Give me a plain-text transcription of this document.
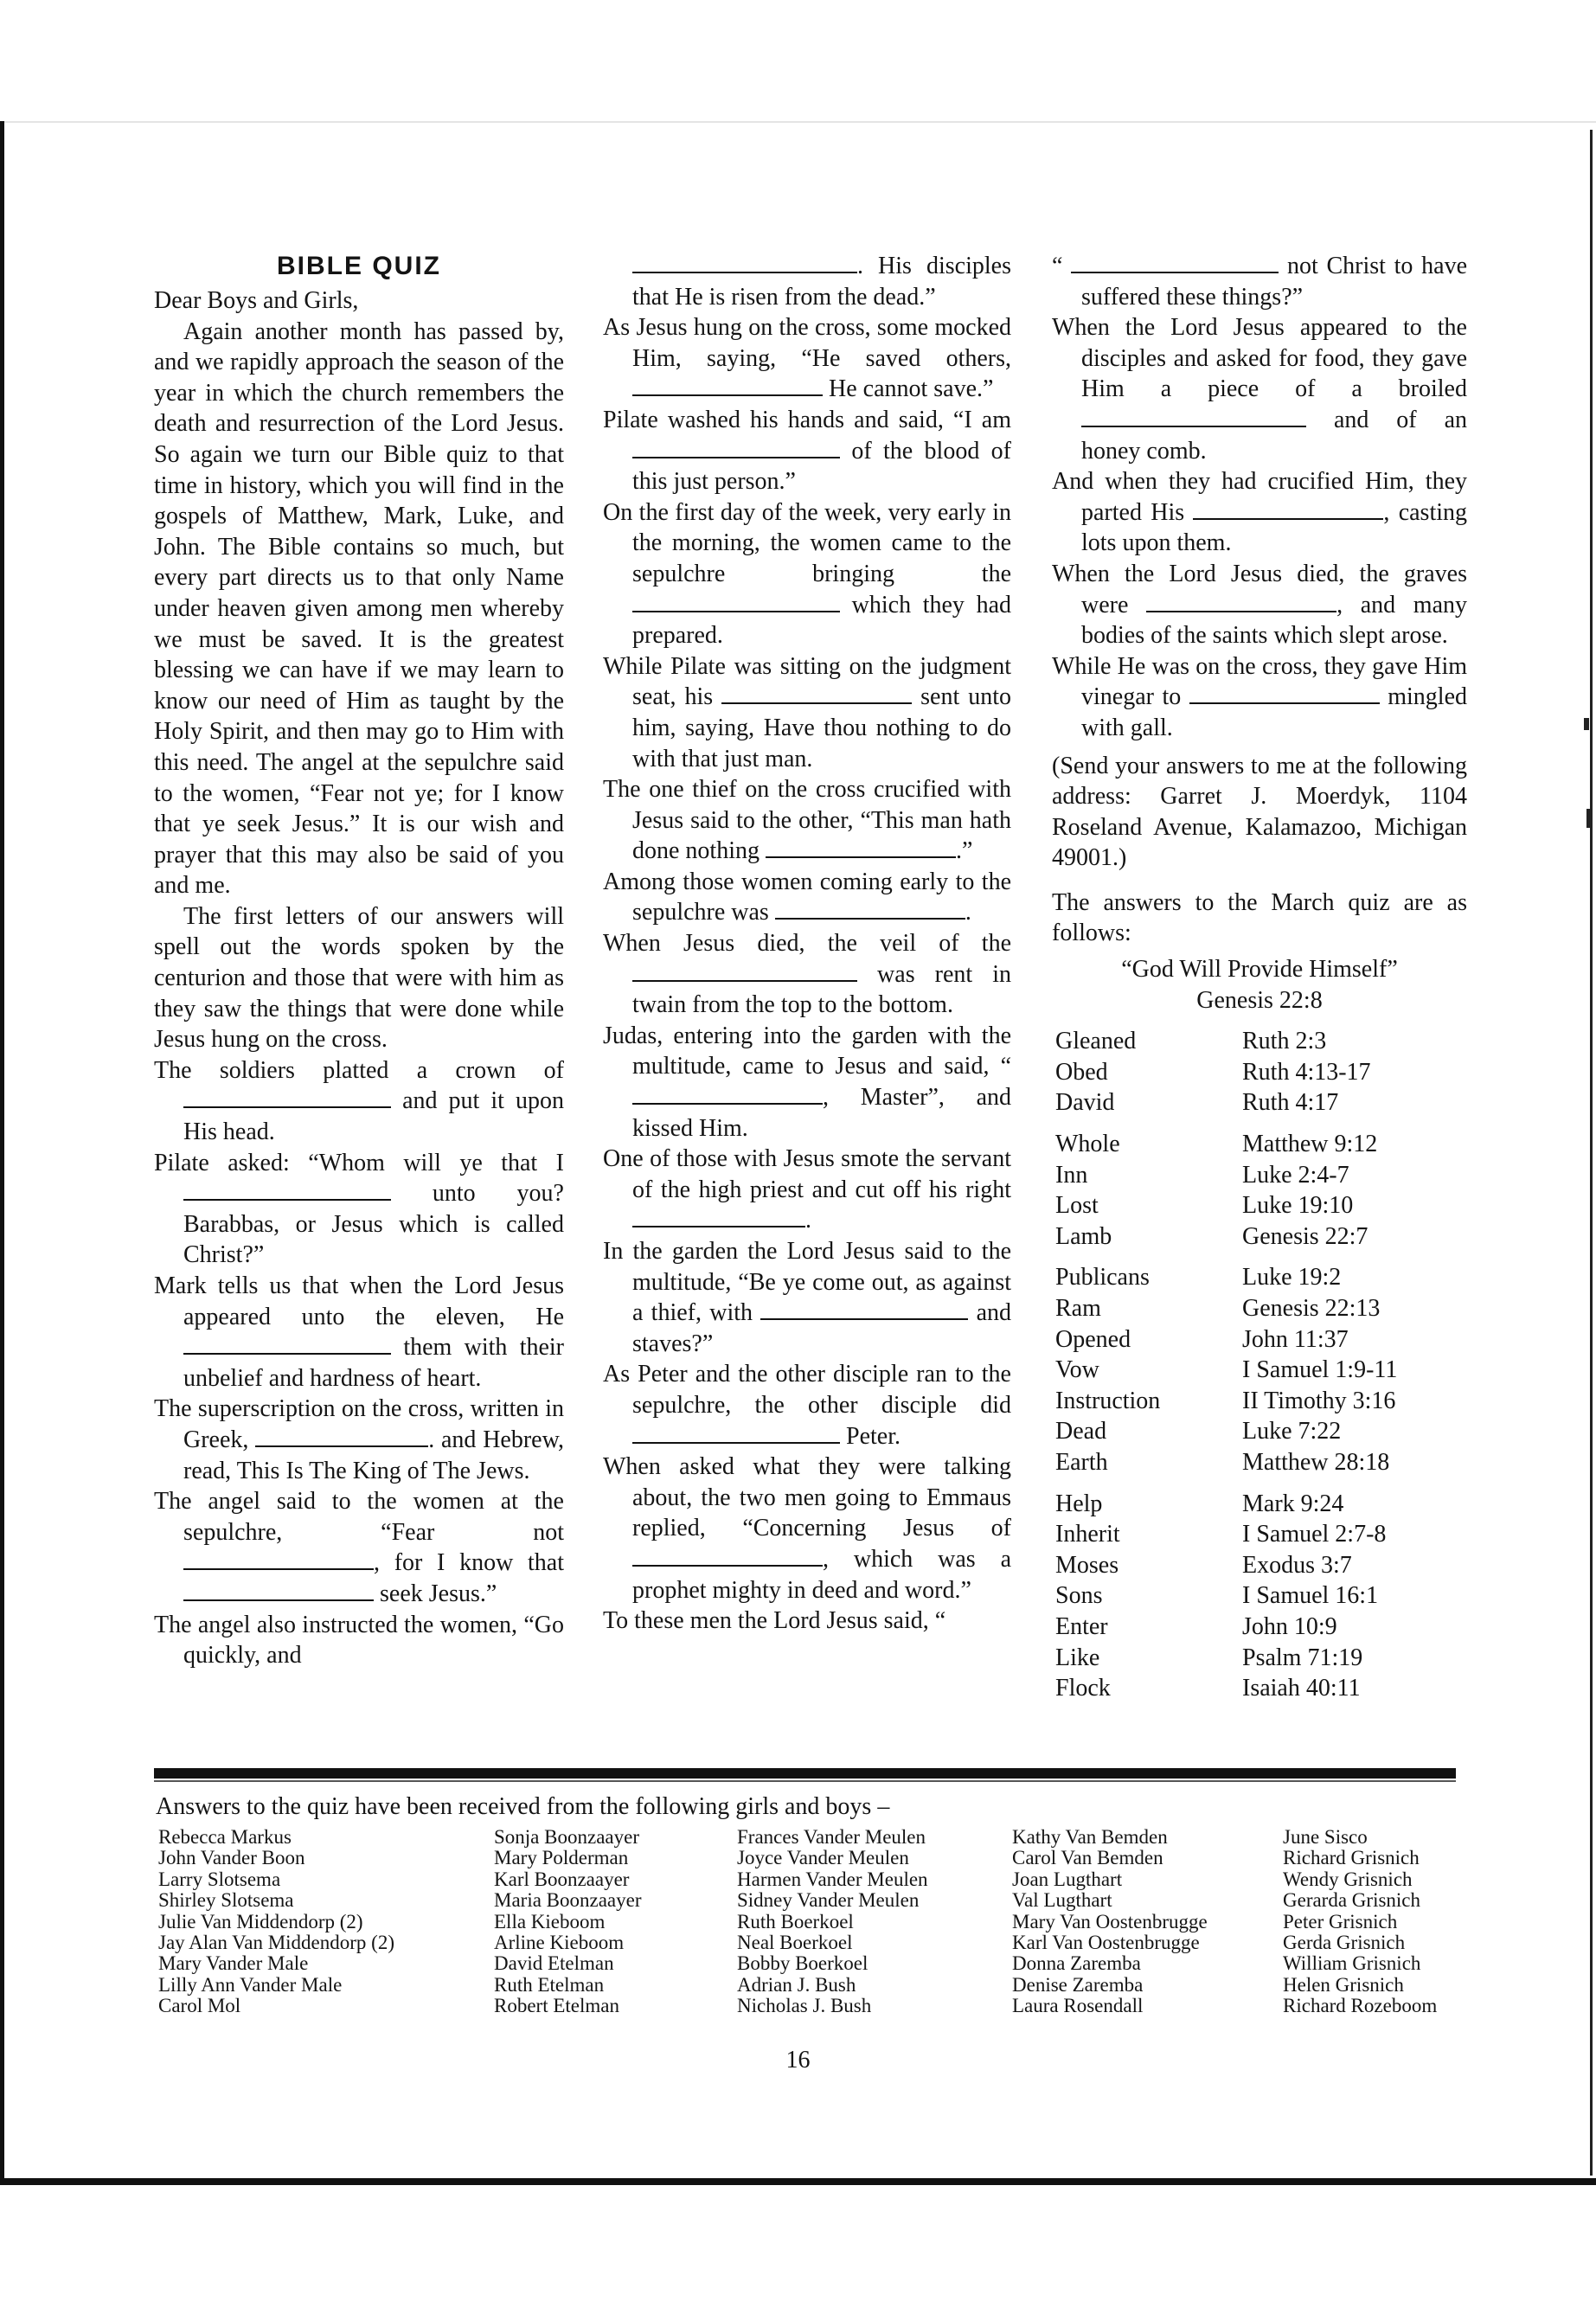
BIBLE QUIZ

Dear Boys and Girls,

Again another month has passed by, and we rapidly approach the season of the year in which the church remembers the death and resurrection of the Lord Jesus. So again we turn our Bible quiz to that time in history, which you will find in the gospels of Matthew, Mark, Luke, and John. The Bible contains so much, but every part directs us to that only Name under heaven given among men whereby we must be saved. It is the greatest blessing we can have if we may learn to know our need of Him as taught by the Holy Spirit, and then may go to Him with this need. The angel at the sepulchre said to the women, “Fear not ye; for I know that ye seek Jesus.” It is our wish and prayer that this may also be said of you and me.

The first letters of our answers will spell out the words spoken by the centurion and those that were with him as they saw the things that were done while Jesus hung on the cross.

The soldiers platted a crown of  and put it upon His head.

Pilate asked: “Whom will ye that I  unto you? Barabbas, or Jesus which is called Christ?”

Mark tells us that when the Lord Jesus appeared unto the eleven, He  them with their unbelief and hardness of heart.

The superscription on the cross, written in Greek,	. and Hebrew, read, This Is The King of The Jews.

The angel said to the women at the sepulchre, “Fear not , for I know that  seek Jesus.”

The angel also instructed the women, “Go quickly, and

. His disciples that He is risen from the dead.”

As Jesus hung on the cross, some mocked Him, saying, “He saved others,  He cannot save.”

Pilate washed his hands and said, “I am  of the blood of this just person.”

On the first day of the week, very early in the morning, the women came to the sepulchre bringing the  which they had prepared.

While Pilate was sitting on the judgment seat, his	sent unto him, saying, Have thou nothing to do with that just man.

The one thief on the cross crucified with Jesus said to the other, “This man hath done nothing	.”

Among those women coming early to the sepulchre was	.

When Jesus died, the veil of the  was rent in twain from the top to the bottom.

Judas, entering into the garden with the multitude, came to Jesus and said, “, Master”, and kissed Him.

One of those with Jesus smote the servant of the high priest and cut off his right .

In the garden the Lord Jesus said to the multitude, “Be ye come out, as against a thief, with	and staves?”

As Peter and the other disciple ran to the sepulchre, the other disciple did  Peter.

When asked what they were talking about, the two men going to Emmaus replied, “Concerning Jesus of , which was a prophet mighty in deed and word.”

To these men the Lord Jesus said, “

“	not Christ to have suffered these things?”

When the Lord Jesus appeared to the disciples and asked for food, they gave Him a piece of a broiled  and of an honey comb.

And when they had crucified Him, they parted His	, casting lots upon them.

When the Lord Jesus died, the graves were	, and many bodies of the saints which slept arose.

While He was on the cross, they gave Him vinegar to	mingled with gall.

(Send your answers to me at the following address: Garret J. Moerdyk, 1104 Roseland Avenue, Kalamazoo, Michigan 49001.)

The answers to the March quiz are as follows:

“God Will Provide Himself”

Genesis 22:8

Gleaned	Ruth 2:3
Obed	Ruth 4:13-17
David	Ruth 4:17
Whole	Matthew 9:12
Inn	Luke 2:4-7
Lost	Luke 19:10
Lamb	Genesis 22:7
Publicans	Luke 19:2
Ram	Genesis 22:13
Opened	John 11:37
Vow	I Samuel 1:9-11
Instruction	II Timothy 3:16
Dead	Luke 7:22
Earth	Matthew 28:18
Help	Mark 9:24
Inherit	I Samuel 2:7-8
Moses	Exodus 3:7
Sons	I Samuel 16:1
Enter	John 10:9
Like	Psalm 71:19
Flock	Isaiah 40:11
Answers to the quiz have been received from the following girls and boys –
Rebecca Markus
John Vander Boon
Larry Slotsema
Shirley Slotsema
Julie Van Middendorp (2)
Jay Alan Van Middendorp (2)
Mary Vander Male
Lilly Ann Vander Male
Carol Mol
Sonja Boonzaayer
Mary Polderman
Karl Boonzaayer
Maria Boonzaayer
Ella Kieboom
Arline Kieboom
David Etelman
Ruth Etelman
Robert Etelman
Frances Vander Meulen
Joyce Vander Meulen
Harmen Vander Meulen
Sidney Vander Meulen
Ruth Boerkoel
Neal Boerkoel
Bobby Boerkoel
Adrian J. Bush
Nicholas J. Bush
Kathy Van Bemden
Carol Van Bemden
Joan Lugthart
Val Lugthart
Mary Van Oostenbrugge
Karl Van Oostenbrugge
Donna Zaremba
Denise Zaremba
Laura Rosendall
June Sisco
Richard Grisnich
Wendy Grisnich
Gerarda Grisnich
Peter Grisnich
Gerda Grisnich
William Grisnich
Helen Grisnich
Richard Rozeboom
16
